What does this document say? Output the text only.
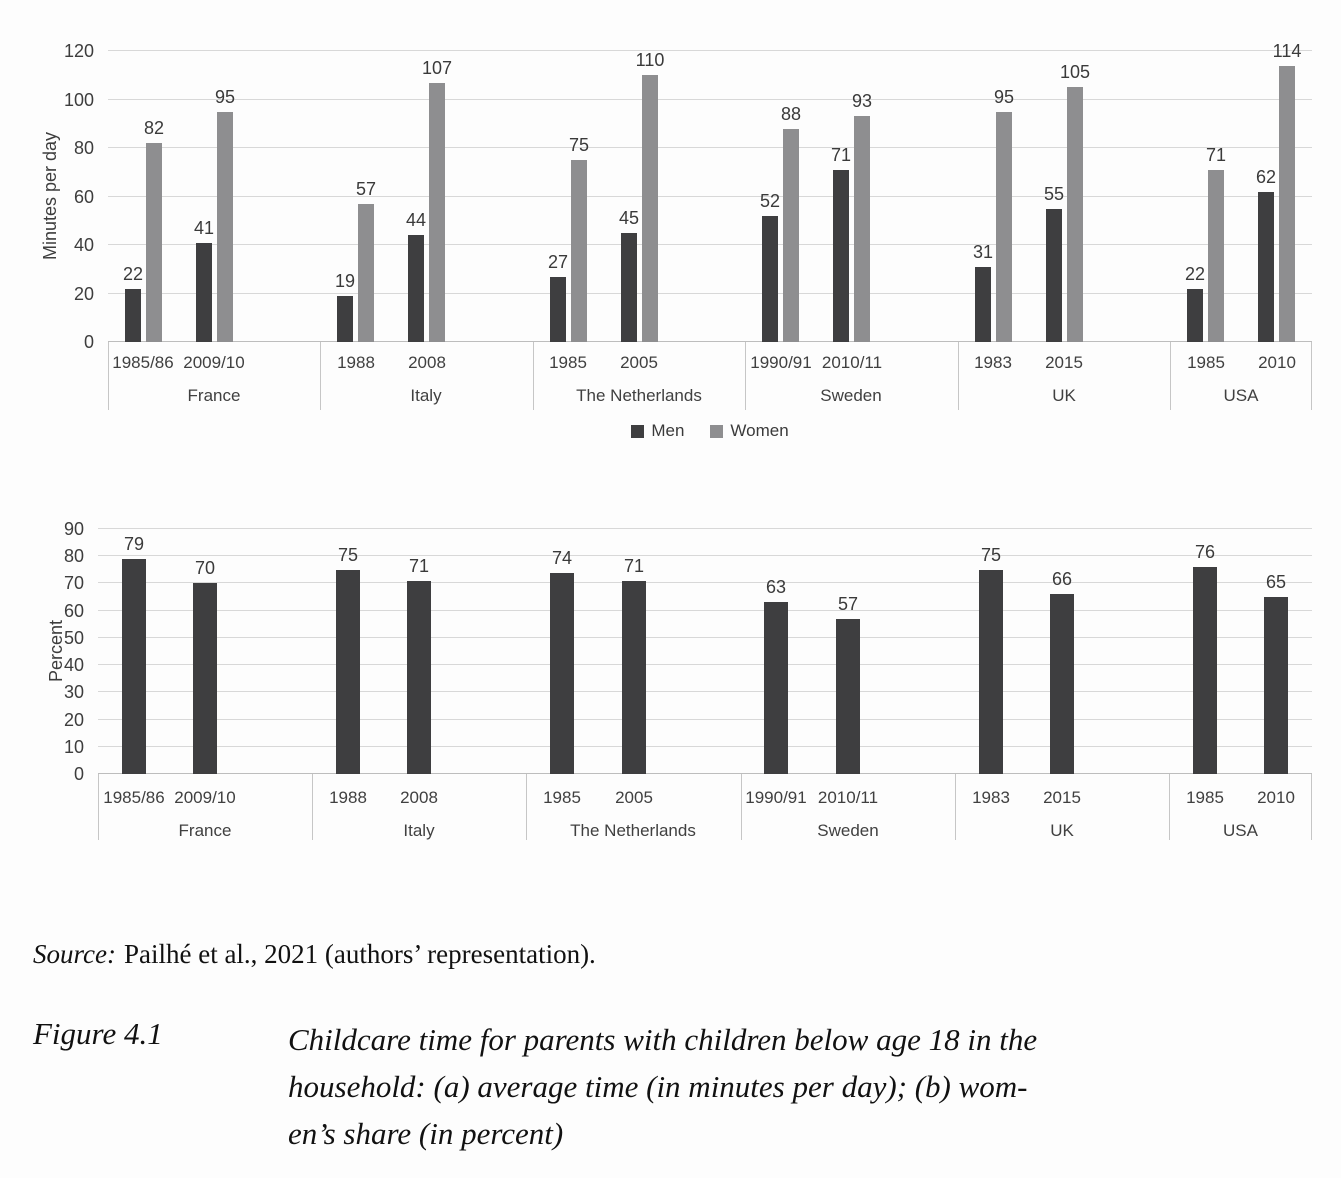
Minutes per day
0
20
40
60
80
100
120
22
82
1985/86
41
95
2009/10
France
19
57
1988
44
107
2008
Italy
27
75
1985
45
110
2005
The Netherlands
52
88
1990/91
71
93
2010/11
Sweden
31
95
1983
55
105
2015
UK
22
71
1985
62
114
2010
USA
Men	Women
Percent
0
10
20
30
40
50
60
70
80
90
79
1985/86
70
2009/10
France
75
1988
71
2008
Italy
74
1985
71
2005
The Netherlands
63
1990/91
57
2010/11
Sweden
75
1983
66
2015
UK
76
1985
65
2010
USA

Source: Pailhé et al., 2021 (authors’ representation).

Figure 4.1	Childcare time for parents with children below age 18 in the
household: (a) average time (in minutes per day); (b) wom-
en’s share (in percent)
